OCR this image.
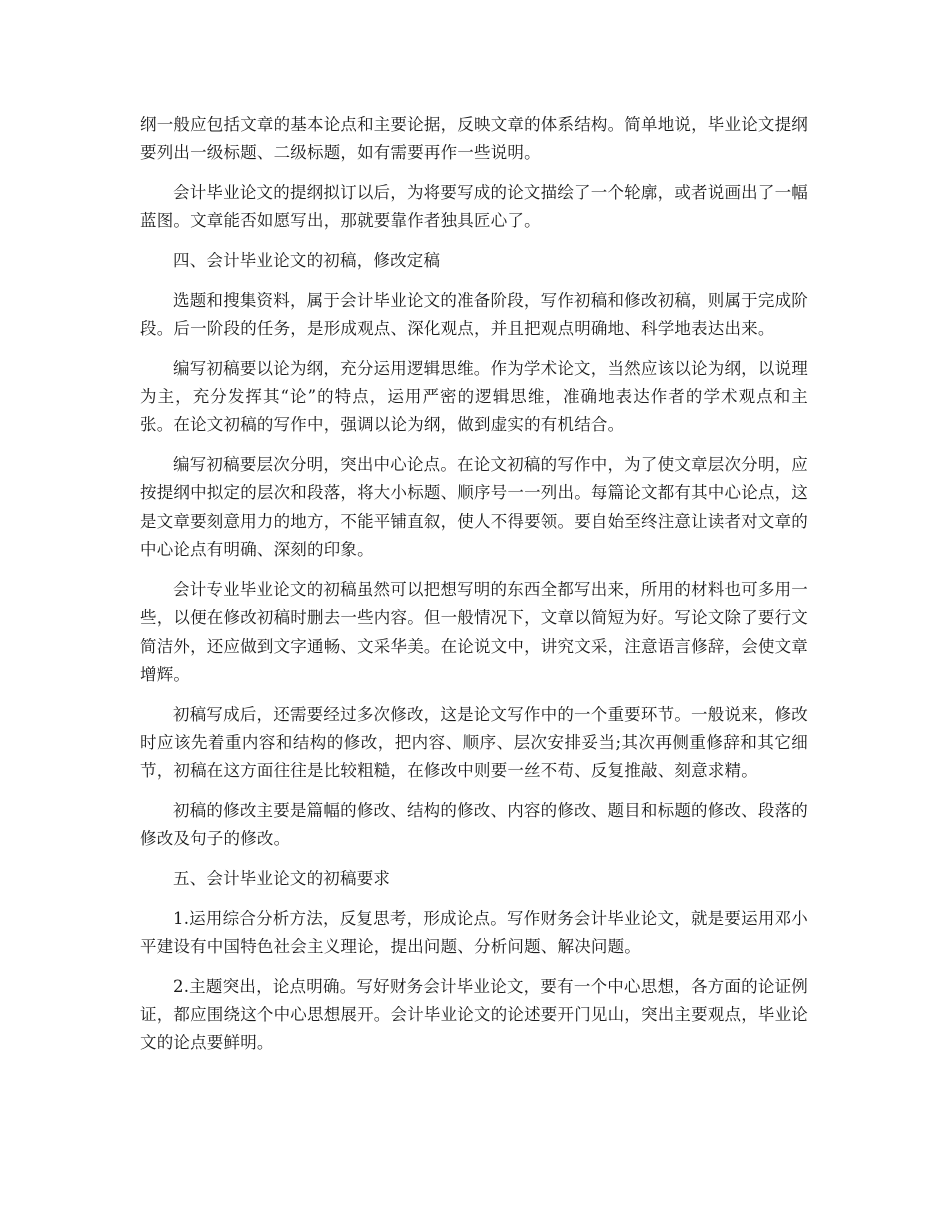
纲一般应包括文章的基本论点和主要论据，反映文章的体系结构。简单地说，毕业论文提纲要列出一级标题、二级标题，如有需要再作一些说明。

会计毕业论文的提纲拟订以后，为将要写成的论文描绘了一个轮廓，或者说画出了一幅蓝图。文章能否如愿写出，那就要靠作者独具匠心了。

四、会计毕业论文的初稿，修改定稿

选题和搜集资料，属于会计毕业论文的准备阶段，写作初稿和修改初稿，则属于完成阶段。后一阶段的任务，是形成观点、深化观点，并且把观点明确地、科学地表达出来。

编写初稿要以论为纲，充分运用逻辑思维。作为学术论文，当然应该以论为纲，以说理为主，充分发挥其“论”的特点，运用严密的逻辑思维，准确地表达作者的学术观点和主张。在论文初稿的写作中，强调以论为纲，做到虚实的有机结合。

编写初稿要层次分明，突出中心论点。在论文初稿的写作中，为了使文章层次分明，应按提纲中拟定的层次和段落，将大小标题、顺序号一一列出。每篇论文都有其中心论点，这是文章要刻意用力的地方，不能平铺直叙，使人不得要领。要自始至终注意让读者对文章的中心论点有明确、深刻的印象。

会计专业毕业论文的初稿虽然可以把想写明的东西全都写出来，所用的材料也可多用一些，以便在修改初稿时删去一些内容。但一般情况下，文章以简短为好。写论文除了要行文简洁外，还应做到文字通畅、文采华美。在论说文中，讲究文采，注意语言修辞，会使文章增辉。

初稿写成后，还需要经过多次修改，这是论文写作中的一个重要环节。一般说来，修改时应该先着重内容和结构的修改，把内容、顺序、层次安排妥当;其次再侧重修辞和其它细节，初稿在这方面往往是比较粗糙，在修改中则要一丝不苟、反复推敲、刻意求精。

初稿的修改主要是篇幅的修改、结构的修改、内容的修改、题目和标题的修改、段落的修改及句子的修改。

五、会计毕业论文的初稿要求

1.运用综合分析方法，反复思考，形成论点。写作财务会计毕业论文，就是要运用邓小平建设有中国特色社会主义理论，提出问题、分析问题、解决问题。

2.主题突出，论点明确。写好财务会计毕业论文，要有一个中心思想，各方面的论证例证，都应围绕这个中心思想展开。会计毕业论文的论述要开门见山，突出主要观点，毕业论文的论点要鲜明。
